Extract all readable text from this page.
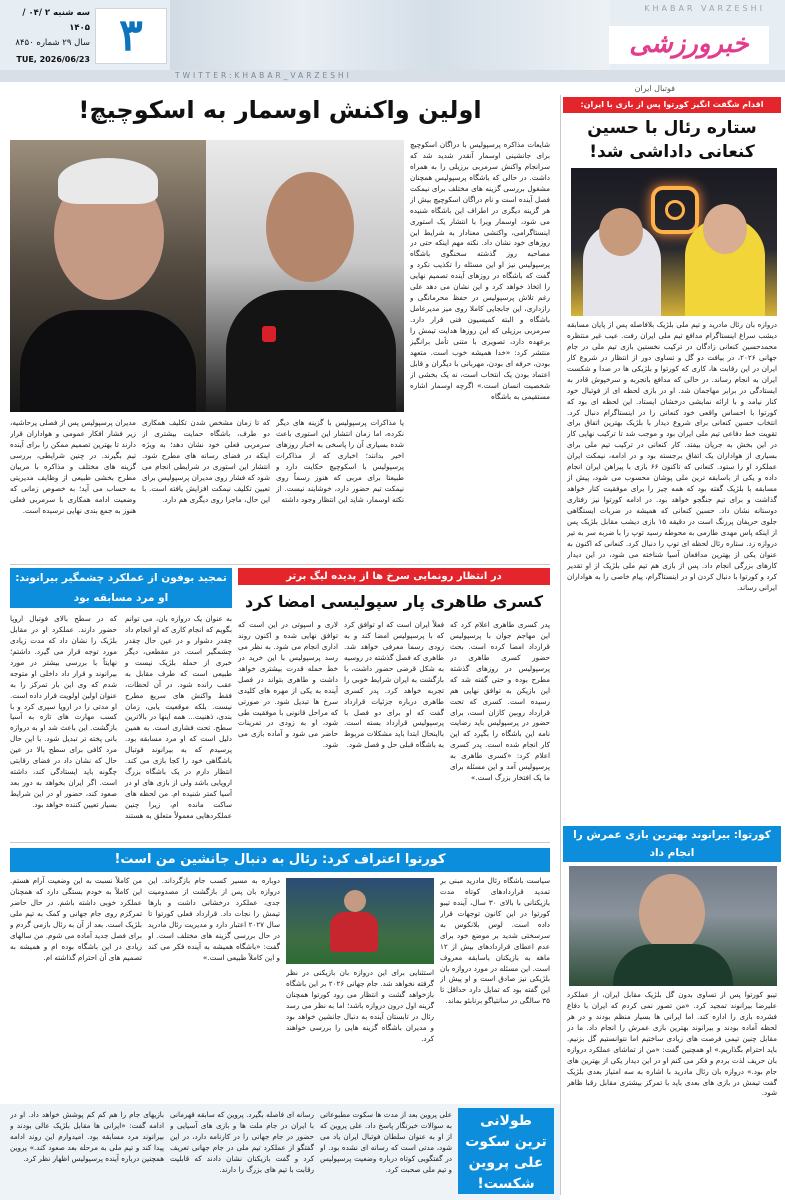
سه شنبه ۲ /۰۴ /۱۴۰۵
سال ۲۹ شماره ۸۴۵۰
TUE, 2026/06/23 ۳
KHABAR VARZESHI
خبرورزشی
TWITTER:KHABAR_VARZESHI
فوتبال ایران
اقدام شگفت انگیز کورتوا پس از بازی با ایران:
ستاره رئال با حسین کنعانی داداشی شد!
دروازه بان رئال مادرید و تیم ملی بلژیک بلافاصله پس از پایان مسابقه دیشب سراغ اینستاگرام مدافع تیم ملی ایران رفت. عیب غیر منتظره محمدحسین کنعانی زادگان در ترکیب نخستین بازی تیم ملی در جام جهانی ۲۰۲۶، در بیافت دو گل و تساوی دور از انتظار در شروع کار ایران در این رقابت ها، کاری که کورتوا و بلژیکی ها در صدا و شکست ایران به انجام رساند. در حالی که مدافع باتجربه و سرخپوش قادر به ایستادگی در برابر مهاجمان شد. او در بازی لحظه ای از فوتبال خود کنار نیامد و با ارائه نمایشی درخشان ایستاد. این لحظه ای بود که کورتوا با احساس واقعی خود کنعانی را در اینستاگرام دنبال کرد. انتخاب حسین کنعانی برای شروع دیدار با بلژیک بهترین اتفاق برای تقویت خط دفاعی تیم ملی ایران بود و موجب شد تا ترکیب نهایی کار در این بخش به جریان بیفتد. کار کنعانی در ترکیب تیم ملی برای بسیاری از هواداران یک اتفاق برجسته بود و در ادامه، نیمکت ایران عملکرد او را ستود. کنعانی که تاکنون ۶۶ بازی با پیراهن ایران انجام داده و یکی از باسابقه ترین ملی پوشان محسوب می شود، پیش از مسابقه با بلژیک گفته بود که همه چیز را برای موفقیت کنار خواهد گذاشت و برای تیم جنگجو خواهد بود. در ادامه کورتوا نیز رفتاری دوستانه نشان داد. حسین کنعانی که همیشه در ضربات ایستگاهی جلوی حریفان پررنگ است در دقیقه ۱۵ بازی دیشب مقابل بلژیک پس از اینکه پاس مهدی طارمی به محوطه رسید توپ را با ضربه سر به تیر دروازه زد. ستاره رئال لحظه ای توپ را دنبال کرد. کنعانی که اکنون به عنوان یکی از بهترین مدافعان آسیا شناخته می شود، در این دیدار کارهای بزرگی انجام داد. پس از بازی هم تیم ملی بلژیک از او تقدیر کرد و کورتوا با دنبال کردن او در اینستاگرام، پیام خاصی را به هواداران ایرانی رساند.
کورتوا: بیرانوند بهترین بازی عمرش را انجام داد
تیبو کورتوا پس از تساوی بدون گل بلژیک مقابل ایران، از عملکرد علیرضا بیرانوند تمجید کرد. «من تصور نمی کردم که ایران با دفاع فشرده بازی را اداره کند. اما ایرانی ها بسیار منظم بودند و در هر لحظه آماده بودند و بیرانوند بهترین بازی عمرش را انجام داد. ما در مقابل چنین تیمی فرصت های زیادی ساختیم اما نتوانستیم گل بزنیم. باید احترام بگذاریم.» او همچنین گفت: «من از تماشای عملکرد دروازه بان حریف لذت بردم و فکر می کنم او در این دیدار یکی از بهترین های جام بود.» دروازه بان رئال مادرید با اشاره به سه امتیاز بعدی بلژیک گفت تیمش در بازی های بعدی باید با تمرکز بیشتری مقابل رقبا ظاهر شود.
اولین واکنش اوسمار به اسکوچیچ!
شایعات مذاکره پرسپولیس با دراگان اسکوچیچ برای جانشینی اوسمار آنقدر شدید شد که سرانجام واکنش سرمربی برزیلی را به همراه داشت. در حالی که باشگاه پرسپولیس همچنان مشغول بررسی گزینه های مختلف برای نیمکت فصل آینده است و نام دراگان اسکوچیچ بیش از هر گزینه دیگری در اطراف این باشگاه شنیده می شود، اوسمار ویرا با انتشار یک استوری اینستاگرامی، واکنشی معنادار به شرایط این روزهای خود نشان داد. نکته مهم اینکه حتی در مصاحبه روز گذشته سخنگوی باشگاه پرسپولیس نیز او این مسئله را تکذیب نکرد و گفت که باشگاه در روزهای آینده تصمیم نهایی را اتخاذ خواهد کرد و این نشان می دهد علی رغم تلاش پرسپولیس در حفظ محرمانگی و رازداری، این جابجایی کاملا روی میز مدیرعامل باشگاه و البته کمیسیون فنی قرار دارد. سرمربی برزیلی که این روزها هدایت تیمش را برعهده دارد، تصویری با متنی تأمل برانگیز منتشر کرد: «خدا همیشه خوب است. متعهد بودن، حرفه ای بودن، مهربانی با دیگران و قابل اعتماد بودن یک انتخاب است، نه یک بخشی از شخصیت انسان است.» اگرچه اوسمار اشاره مستقیمی به باشگاه
یا مذاکرات پرسپولیس با گزینه های دیگر نکرده، اما زمان انتشار این استوری باعث شده بسیاری آن را پاسخی به اخبار روزهای اخیر بدانند؛ اخباری که از مذاکرات پرسپولیس با اسکوچیچ حکایت دارد و طبیعتا برای مربی که هنوز رسماً روی نیمکت تیم حضور دارد، خوشایند نیست. از نکته اوسمار، شاید این انتظار وجود داشته
که تا زمان مشخص شدن تکلیف همکاری دو طرف، باشگاه حمایت بیشتری از سرمربی فعلی خود نشان دهد؛ به ویژه اینکه در فضای رسانه های مطرح شود. انتشار این استوری در شرایطی انجام می شود که فشار روی مدیران پرسپولیس برای تعیین تکلیف نیمکت افزایش یافته است. با این حال، ماجرا روی دیگری هم دارد.
مدیران پرسپولیس پس از فصلی پرحاشیه، زیر فشار افکار عمومی و هواداران قرار دارند تا بهترین تصمیم ممکن را برای آینده تیم بگیرند. در چنین شرایطی، بررسی گزینه های مختلف و مذاکره با مربیان مطرح بخشی طبیعی از وظایف مدیریتی به حساب می آید؛ به خصوص زمانی که وضعیت ادامه همکاری با سرمربی فعلی هنوز به جمع بندی نهایی نرسیده است.
تمجید بوفون از عملکرد چشمگیر بیرانوند: او مرد مسابقه بود
به عنوان یک دروازه بان، می توانم بگویم که انجام کاری که او انجام داد چقدر دشوار و در عین حال چقدر چشمگیر است. در مقطعی، دیگر خبری از حمله بلژیک نیست و طبیعی است که طرف مقابل به عقب رانده شود. در آن لحظات، فقط واکنش های سریع مطرح نیست. بلکه موقعیت یابی، زمان بندی، ذهنیت... همه اینها در بالاترین سطح. تحت فشاری است. به همین دلیل است که او مرد مسابقه بود. پرسیدم که به بیرانوند فوتبال باشگاهی خود را کجا بازی می کند. انتظار دارم در یک باشگاه بزرگ اروپایی باشد ولی از بازی های او در آسیا کمتر شنیده ام. من لحظه های ساکت مانده ام، زیرا چنین عملکردهایی معمولاً متعلق به هستند که در سطح بالای فوتبال اروپا حضور دارند. عملکرد او در مقابل بلژیک را نشان داد که مدت زیادی مورد توجه قرار می گیرد. داشتم؛ نهایتاً با بررسی بیشتر در مورد بیرانوند و قرار داد داخلی او متوجه شدم که وی این بار تمرکز را به عنوان اولین اولویت قرار داده است. او مدتی را در اروپا سپری کرد و با کسب مهارت های تازه به آسیا بازگشت. این باعث شد او به دروازه بانی پخته تر تبدیل شود. با این حال مرد کافی برای سطح بالا در عین حال که نشان داد در فضای رقابتی چگونه باید ایستادگی کند، داشته است. اگر ایران بخواهد به دور بعد صعود کند، حضور او در این شرایط بسیار تعیین کننده خواهد بود.
در انتظار رونمایی سرخ ها از پدیده لیگ برتر
کسری طاهری پار سپولیسی امضا کرد
پدر کسری طاهری اعلام کرد که این مهاجم جوان با پرسپولیس قرارداد امضا کرده است. بحث حضور کسری طاهری در پرسپولیس در روزهای گذشته مطرح بوده و حتی گفته شد که این بازیکن به توافق نهایی هم رسیده است. کسری که تحت قرارداد روبین کازان است، برای حضور در پرسپولیس باید رضایت نامه این باشگاه را بگیرد که این کار انجام شده است. پدر کسری اعلام کرد: «کسری طاهری به پرسپولیس آمد و این مسئله برای ما یک افتخار بزرگ است.»
فعلاً ایران است که او توافق کرد که با پرسپولیس امضا کند و به زودی رسما معرفی خواهد شد. طاهری که فصل گذشته در روسیه به شکل قرضی حضور داشت، با بازگشت به ایران شرایط خوبی را تجربه خواهد کرد. پدر کسری طاهری درباره جزئیات قرارداد گفت که او برای دو فصل با پرسپولیس قرارداد بسته است. بااینحال ابتدا باید مشکلات مربوط به باشگاه قبلی حل و فصل شود.
لاری و اسپوتی در این است که توافق نهایی شده و اکنون روند اداری انجام می شود. به نظر می رسد پرسپولیس با این خرید در خط حمله قدرت بیشتری خواهد داشت و طاهری بتواند در فصل آینده به یکی از مهره های کلیدی سرخ ها تبدیل شود. در صورتی که مراحل قانونی با موفقیت طی شود، او به زودی در تمرینات حاضر می شود و آماده بازی می شود.
کورتوا اعتراف کرد: رئال به دنبال جانشین من است!
سیاست باشگاه رئال مادرید مبنی بر تمدید قراردادهای کوتاه مدت بازیکنانی با بالای ۳۰ سال، آینده تیبو کورتوا در این کانون توجهات قرار داده است. لوس بلانکوس به سرسختی شدید بر موضع خود برای عدم اعطای قراردادهای بیش از ۱۲ ماهه به بازیکنان باسابقه معروف است. این مسئله در مورد دروازه بان بلژیکی نیز صادق است و او پیش از این گفته بود که تمایل دارد حداقل تا ۳۵ سالگی در سانتیاگو برنابئو بماند.
استثنایی برای این دروازه بان بازیکنی در نظر گرفته نخواهد شد. جام جهانی ۲۰۲۶ بر این باشگاه بازخواهد گشت و انتظار می رود کورتوا همچنان گزینه اول درون دروازه باشد؛ اما به نظر می رسد رئال در تابستان آینده به دنبال جانشین خواهد بود و مدیران باشگاه گزینه هایی را بررسی خواهند کرد.
دوباره به مسیر کسب جام بازگرداند. این دروازه بان پس از بازگشت از مصدومیت جدی، عملکرد درخشانی داشت و بارها تیمش را نجات داد. قرارداد فعلی کورتوا تا سال ۲۰۲۷ اعتبار دارد و مدیریت رئال مادرید در حال بررسی گزینه های مختلف است. او گفت: «باشگاه همیشه به آینده فکر می کند و این کاملاً طبیعی است.»
من کاملاً نسبت به این وضعیت آرام هستم. این کاملاً به خودم بستگی دارد که همچنان عملکرد خوبی داشته باشم. در حال حاضر تمرکزم روی جام جهانی و کمک به تیم ملی بلژیک است. بعد از آن به رئال بازمی گردم و برای فصل جدید آماده می شوم. من سالهای زیادی در این باشگاه بوده ام و همیشه به تصمیم های آن احترام گذاشته ام.
طولانی ترین سکوت علی پروین شکست!
علی پروین بعد از مدت ها سکوت مطبوعاتی به سوالات خبرنگار پاسخ داد. علی پروین که از او به عنوان سلطان فوتبال ایران یاد می شود، مدتی است که رسانه ای نشده بود. او در گفتگویی کوتاه درباره وضعیت پرسپولیس و تیم ملی صحبت کرد.
رسانه ای فاصله بگیرد. پروین که سابقه قهرمانی با ایران در جام ملت ها و بازی های آسیایی و حضور در جام جهانی را در کارنامه دارد، در این گفتگو از عملکرد تیم ملی در جام جهانی تعریف کرد و گفت بازیکنان نشان دادند که قابلیت رقابت با تیم های بزرگ را دارند.
بازیهای جام را هم کم کم پوشش خواهد داد. او در ادامه گفت: «ایرانی ها مقابل بلژیک عالی بودند و بیرانوند مرد مسابقه بود. امیدوارم این روند ادامه پیدا کند و تیم ملی به مرحله بعد صعود کند.» پروین همچنین درباره آینده پرسپولیس اظهار نظر کرد.
